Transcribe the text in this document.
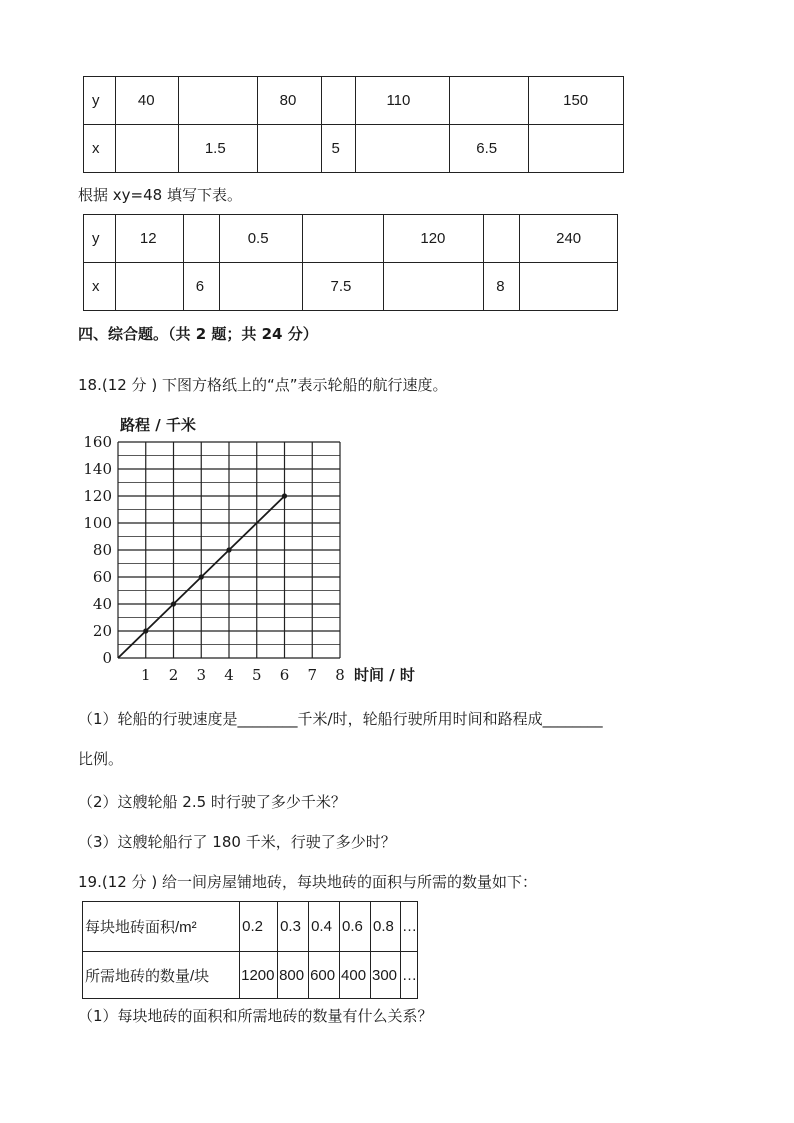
y	40		80		110		150
x		1.5		5		6.5	
根据 xy=48 填写下表。
y	12		0.5		120		240
x		6		7.5		8	
四、综合题。（共 2 题；共 24 分）
18.(12 分 ) 下图方格纸上的“点”表示轮船的航行速度。
0
20
40
60
80
100
120
140
160
1 2 3 4 5 6 7 8
路程 / 千米
时间 / 时
（1）轮船的行驶速度是________千米/时，轮船行驶所用时间和路程成________
比例。
（2）这艘轮船 2.5 时行驶了多少千米？
（3）这艘轮船行了 180 千米，行驶了多少时？
19.(12 分 ) 给一间房屋铺地砖，每块地砖的面积与所需的数量如下：
每块地砖面积/m²	0.2	0.3	0.4	0.6	0.8	…
所需地砖的数量/块	1200	800	600	400	300	…
（1）每块地砖的面积和所需地砖的数量有什么关系？
